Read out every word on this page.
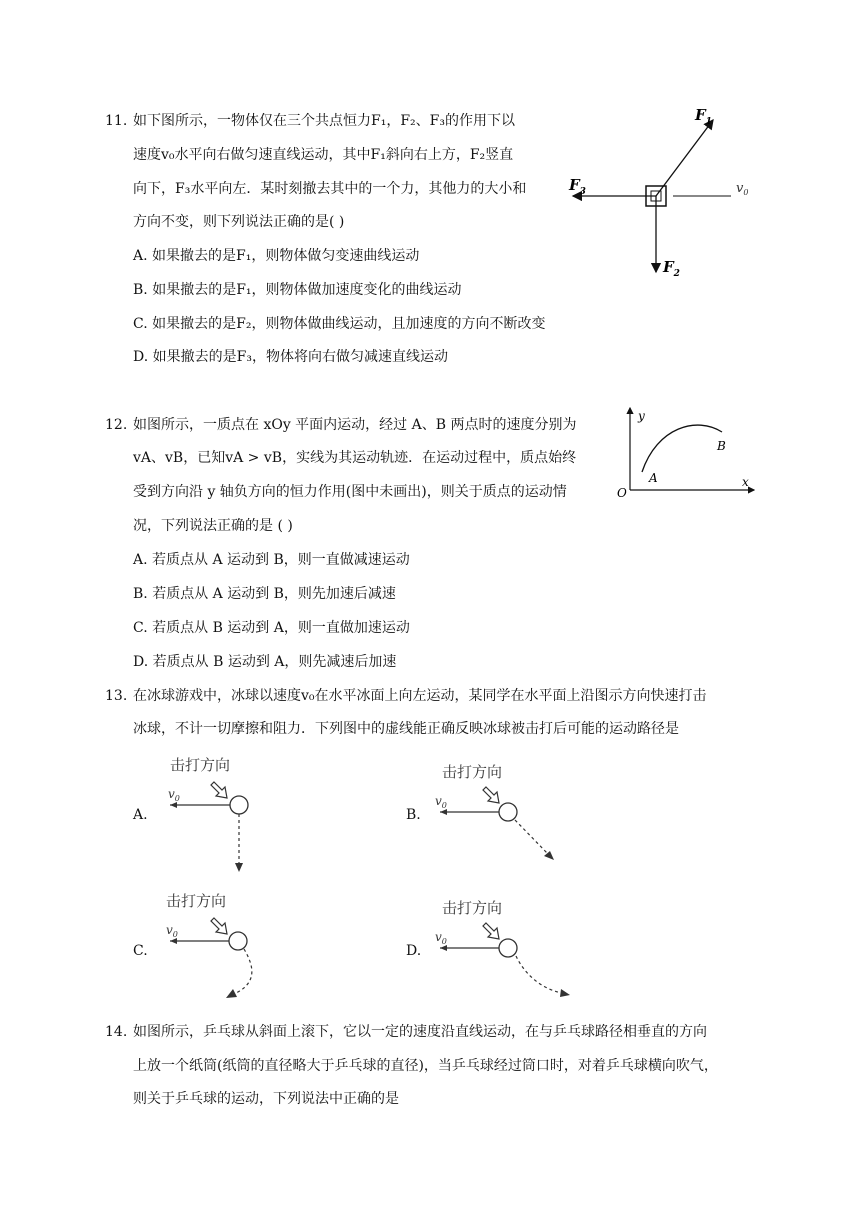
11. 如下图所示，一物体仅在三个共点恒力F₁，F₂、F₃的作用下以
速度v₀水平向右做匀速直线运动，其中F₁斜向右上方，F₂竖直
向下，F₃水平向左．某时刻撤去其中的一个力，其他力的大小和
方向不变，则下列说法正确的是( )
A. 如果撤去的是F₁，则物体做匀变速曲线运动
B. 如果撤去的是F₁，则物体做加速度变化的曲线运动
C. 如果撤去的是F₂，则物体做曲线运动，且加速度的方向不断改变
D. 如果撤去的是F₃，物体将向右做匀减速直线运动
$F_1$
$F_2$
$F_3$	$v_0$
12. 如图所示，一质点在 xOy 平面内运动，经过 A、B 两点时的速度分别为
vA、vB，已知vA > vB，实线为其运动轨迹．在运动过程中，质点始终
受到方向沿 y 轴负方向的恒力作用(图中未画出)，则关于质点的运动情
况，下列说法正确的是 ( )
A. 若质点从 A 运动到 B，则一直做减速运动
B. 若质点从 A 运动到 B，则先加速后减速
C. 若质点从 B 运动到 A，则一直做加速运动
D. 若质点从 B 运动到 A，则先减速后加速
y
x
O
A
B
13. 在冰球游戏中，冰球以速度v₀在水平冰面上向左运动，某同学在水平面上沿图示方向快速打击
冰球，不计一切摩擦和阻力．下列图中的虚线能正确反映冰球被击打后可能的运动路径是
A.	B.
C.	D.
击打方向
$v_0$
击打方向
$v_0$
击打方向
$v_0$
击打方向
$v_0$
14. 如图所示，乒乓球从斜面上滚下，它以一定的速度沿直线运动，在与乒乓球路径相垂直的方向
上放一个纸筒(纸筒的直径略大于乒乓球的直径)，当乒乓球经过筒口时，对着乒乓球横向吹气，
则关于乒乓球的运动，下列说法中正确的是
